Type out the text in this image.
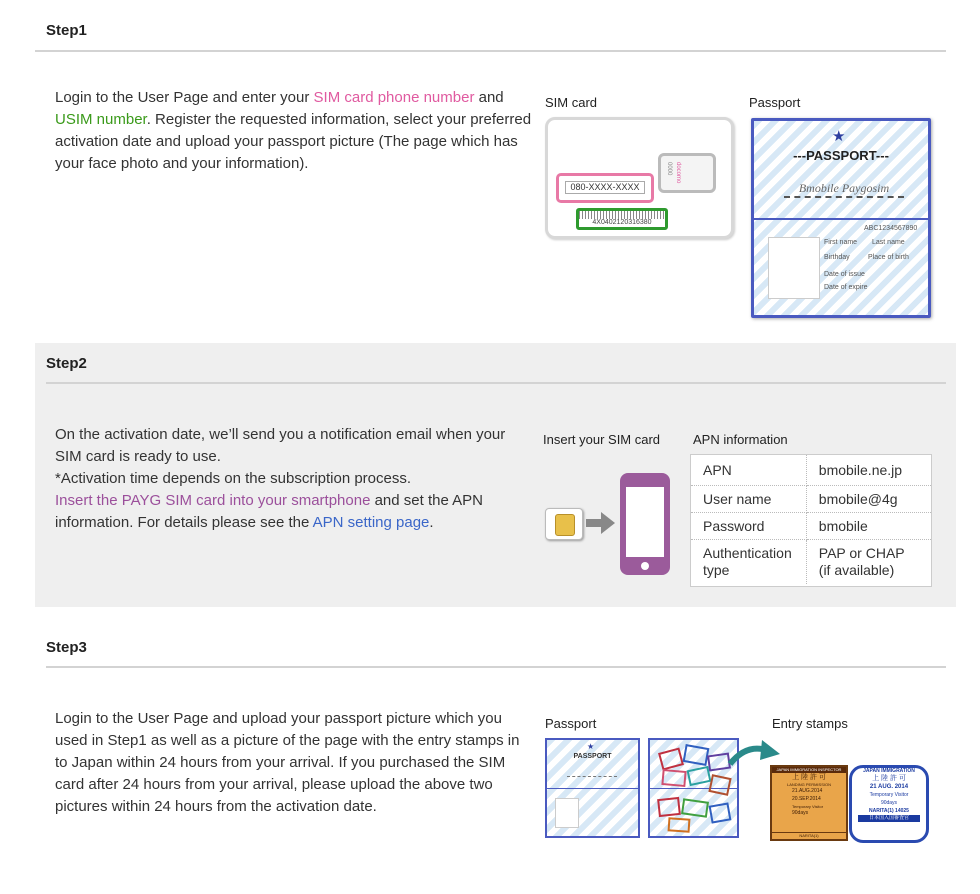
Step1
Login to the User Page and enter your SIM card phone number and USIM number. Register the requested information, select your preferred activation date and upload your passport picture (The page which has your face photo and your information).
SIM card	Passport
0000 docomo
080-XXXX-XXXX
4X0402120316380
★
---PASSPORT---
Bmobile Paygosim
ABC1234567890
First name Last name
Birthday	Place of birth
Date of issue
Date of expire
Step2
On the activation date, we’ll send you a notification email when your SIM card is ready to use.
*Activation time depends on the subscription process.
Insert the PAYG SIM card into your smartphone and set the APN information. For details please see the APN setting page.
Insert your SIM card	APN information
APN	bmobile.ne.jp
User name	bmobile@4g
Password	bmobile
Authentication type	PAP or CHAP (if available)
Step3
Login to the User Page and upload your passport picture which you used in Step1 as well as a picture of the page with the entry stamps in to Japan within 24 hours from your arrival. If you purchased the SIM card after 24 hours from your arrival, please upload the above two pictures within 24 hours from the activation date.
Passport	Entry stamps
★
PASSPORT
JAPAN IMMIGRATION INSPECTOR
上 陸 許 可
LANDING PERMISSION
21.AUG.2014
20.SEP.2014
Temporary Visitor
90days
NARITA(1)
JAPAN IMMIGRATION
上 陸 許 可
21 AUG. 2014
Temporary Visitor
90days
NARITA(1) 14025
日本国入国審査官
